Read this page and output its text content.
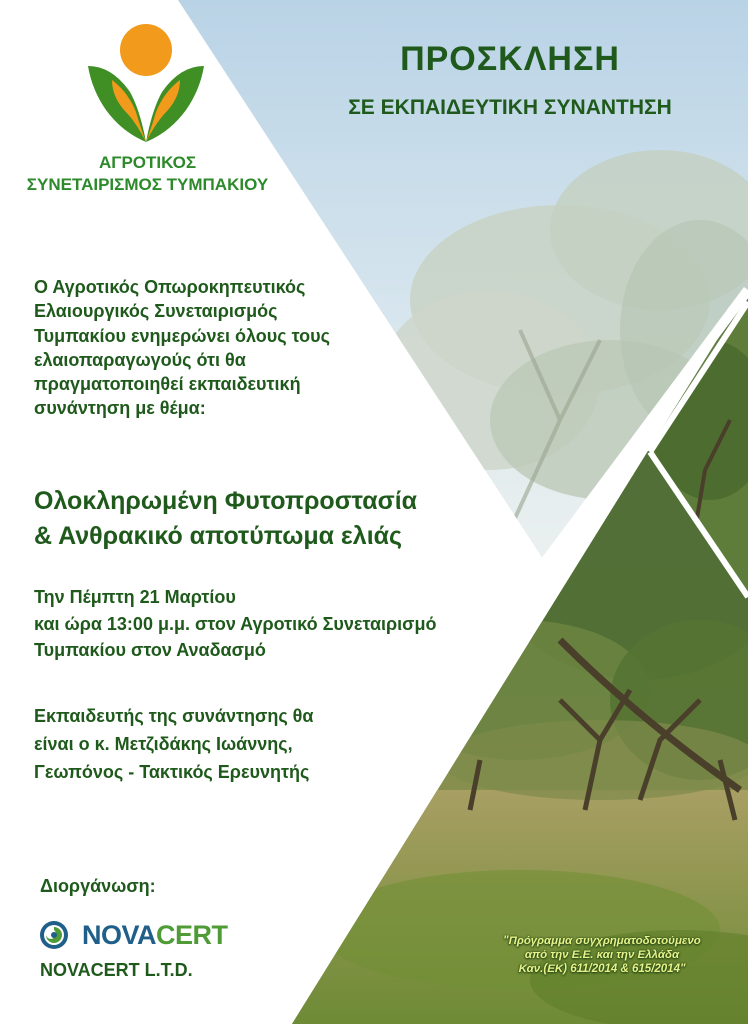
ΑΓΡΟΤΙΚΟΣ
ΣΥΝΕΤΑΙΡΙΣΜΟΣ ΤΥΜΠΑΚΙΟΥ
ΠΡΟΣΚΛΗΣΗ
ΣΕ ΕΚΠΑΙΔΕΥΤΙΚΗ ΣΥΝΑΝΤΗΣΗ
Ο Αγροτικός Οπωροκηπευτικός
Ελαιουργικός Συνεταιρισμός
Τυμπακίου ενημερώνει όλους τους
ελαιοπαραγωγούς ότι θα
πραγματοποιηθεί εκπαιδευτική
συνάντηση με θέμα:
Ολοκληρωμένη Φυτοπροστασία
& Ανθρακικό αποτύπωμα ελιάς
Την Πέμπτη 21 Μαρτίου
και ώρα 13:00 μ.μ. στον Αγροτικό Συνεταιρισμό
Τυμπακίου στον Αναδασμό
Εκπαιδευτής της συνάντησης θα
είναι ο κ. Μετζιδάκης Ιωάννης,
Γεωπόνος - Τακτικός Ερευνητής
Διοργάνωση:
NOVACERT
NOVACERT L.T.D.
"Πρόγραμμα συγχρηματοδοτούμενο
από την Ε.Ε. και την Ελλάδα
Καν.(ΕΚ) 611/2014 & 615/2014"
